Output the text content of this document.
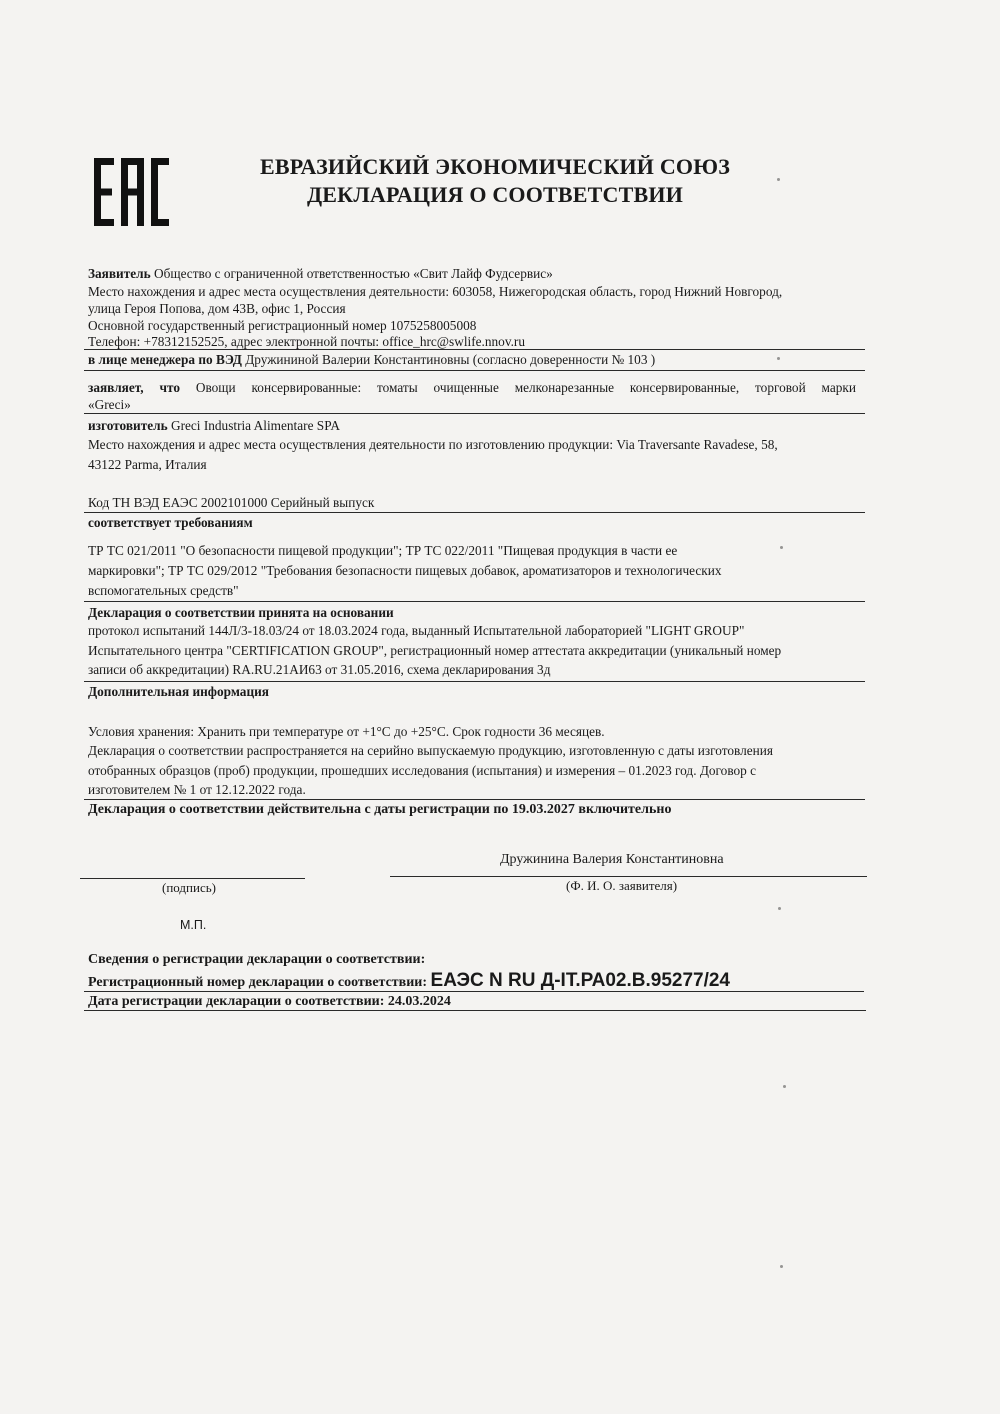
ЕВРАЗИЙСКИЙ ЭКОНОМИЧЕСКИЙ СОЮЗ
ДЕКЛАРАЦИЯ О СООТВЕТСТВИИ
Заявитель Общество с ограниченной ответственностью «Свит Лайф Фудсервис»
Место нахождения и адрес места осуществления деятельности: 603058, Нижегородская область, город Нижний Новгород,
улица Героя Попова, дом 43В, офис 1, Россия
Основной государственный регистрационный номер 1075258005008
Телефон: +78312152525, адрес электронной почты: office_hrc@swlife.nnov.ru
в лице менеджера по ВЭД Дружининой Валерии Константиновны (согласно доверенности № 103 )
заявляет, что Овощи консервированные: томаты очищенные мелконарезанные консервированные, торговой марки
«Greci»
изготовитель Greci Industria Alimentare SPA
Место нахождения и адрес места осуществления деятельности по изготовлению продукции: Via Traversante Ravadese, 58,
43122 Parma, Италия
Код ТН ВЭД ЕАЭС 2002101000 Серийный выпуск
соответствует требованиям
ТР ТС 021/2011 "О безопасности пищевой продукции"; ТР ТС 022/2011 "Пищевая продукция в части ее
маркировки"; ТР ТС 029/2012 "Требования безопасности пищевых добавок, ароматизаторов и технологических
вспомогательных средств"
Декларация о соответствии принята на основании
протокол испытаний 144Л/3-18.03/24 от 18.03.2024 года, выданный Испытательной лабораторией "LIGHT GROUP"
Испытательного центра "CERTIFICATION GROUP", регистрационный номер аттестата аккредитации (уникальный номер
записи об аккредитации) RA.RU.21АИ63 от 31.05.2016, схема декларирования 3д
Дополнительная информация
Условия хранения: Хранить при температуре от +1°С до +25°С. Срок годности 36 месяцев.
Декларация о соответствии распространяется на серийно выпускаемую продукцию, изготовленную с даты изготовления
отобранных образцов (проб) продукции, прошедших исследования (испытания) и измерения – 01.2023 год. Договор с
изготовителем № 1 от 12.12.2022 года.
Декларация о соответствии действительна с даты регистрации по 19.03.2027 включительно
Дружинина Валерия Константиновна
(подпись)	(Ф. И. О. заявителя)
М.П.
Сведения о регистрации декларации о соответствии:
Регистрационный номер декларации о соответствии: ЕАЭС N RU Д-IT.РА02.В.95277/24
Дата регистрации декларации о соответствии: 24.03.2024
